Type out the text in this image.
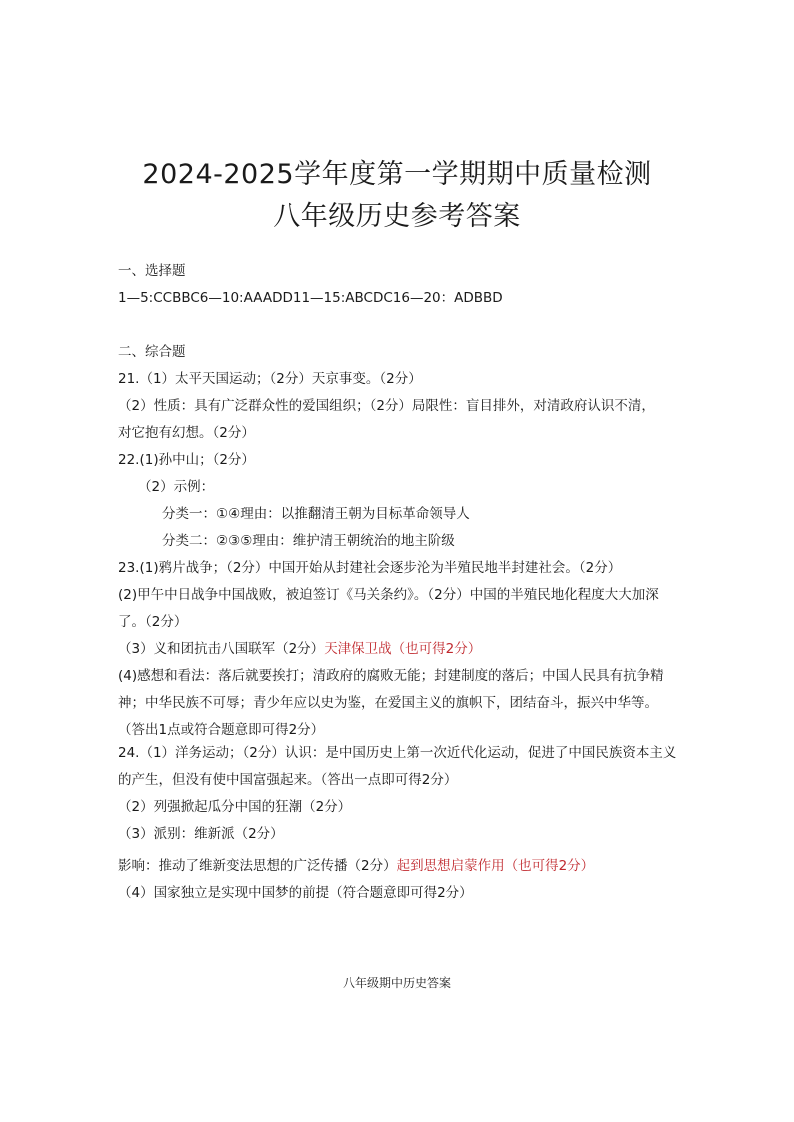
2024-2025学年度第一学期期中质量检测
八年级历史参考答案
一、选择题
1—5:CCBBC6—10:AAADD11—15:ABCDC16—20：ADBBD
二、综合题
21.（1）太平天国运动；（2分）天京事变。（2分）
（2）性质：具有广泛群众性的爱国组织；（2分）局限性：盲目排外，对清政府认识不清，
对它抱有幻想。（2分）
22.(1)孙中山；（2分）
（2）示例：
分类一：①④理由：以推翻清王朝为目标革命领导人
分类二：②③⑤理由：维护清王朝统治的地主阶级
23.(1)鸦片战争；（2分）中国开始从封建社会逐步沦为半殖民地半封建社会。（2分）
(2)甲午中日战争中国战败，被迫签订《马关条约》。（2分）中国的半殖民地化程度大大加深
了。（2分）
（3）义和团抗击八国联军（2分）天津保卫战（也可得2分）
(4)感想和看法：落后就要挨打；清政府的腐败无能；封建制度的落后；中国人民具有抗争精
神；中华民族不可辱；青少年应以史为鉴，在爱国主义的旗帜下，团结奋斗，振兴中华等。
（答出1点或符合题意即可得2分）
24.（1）洋务运动；（2分）认识：是中国历史上第一次近代化运动，促进了中国民族资本主义
的产生，但没有使中国富强起来。（答出一点即可得2分）
（2）列强掀起瓜分中国的狂潮（2分）
（3）派别：维新派（2分）
影响：推动了维新变法思想的广泛传播（2分）起到思想启蒙作用（也可得2分）
（4）国家独立是实现中国梦的前提（符合题意即可得2分）
八年级期中历史答案
